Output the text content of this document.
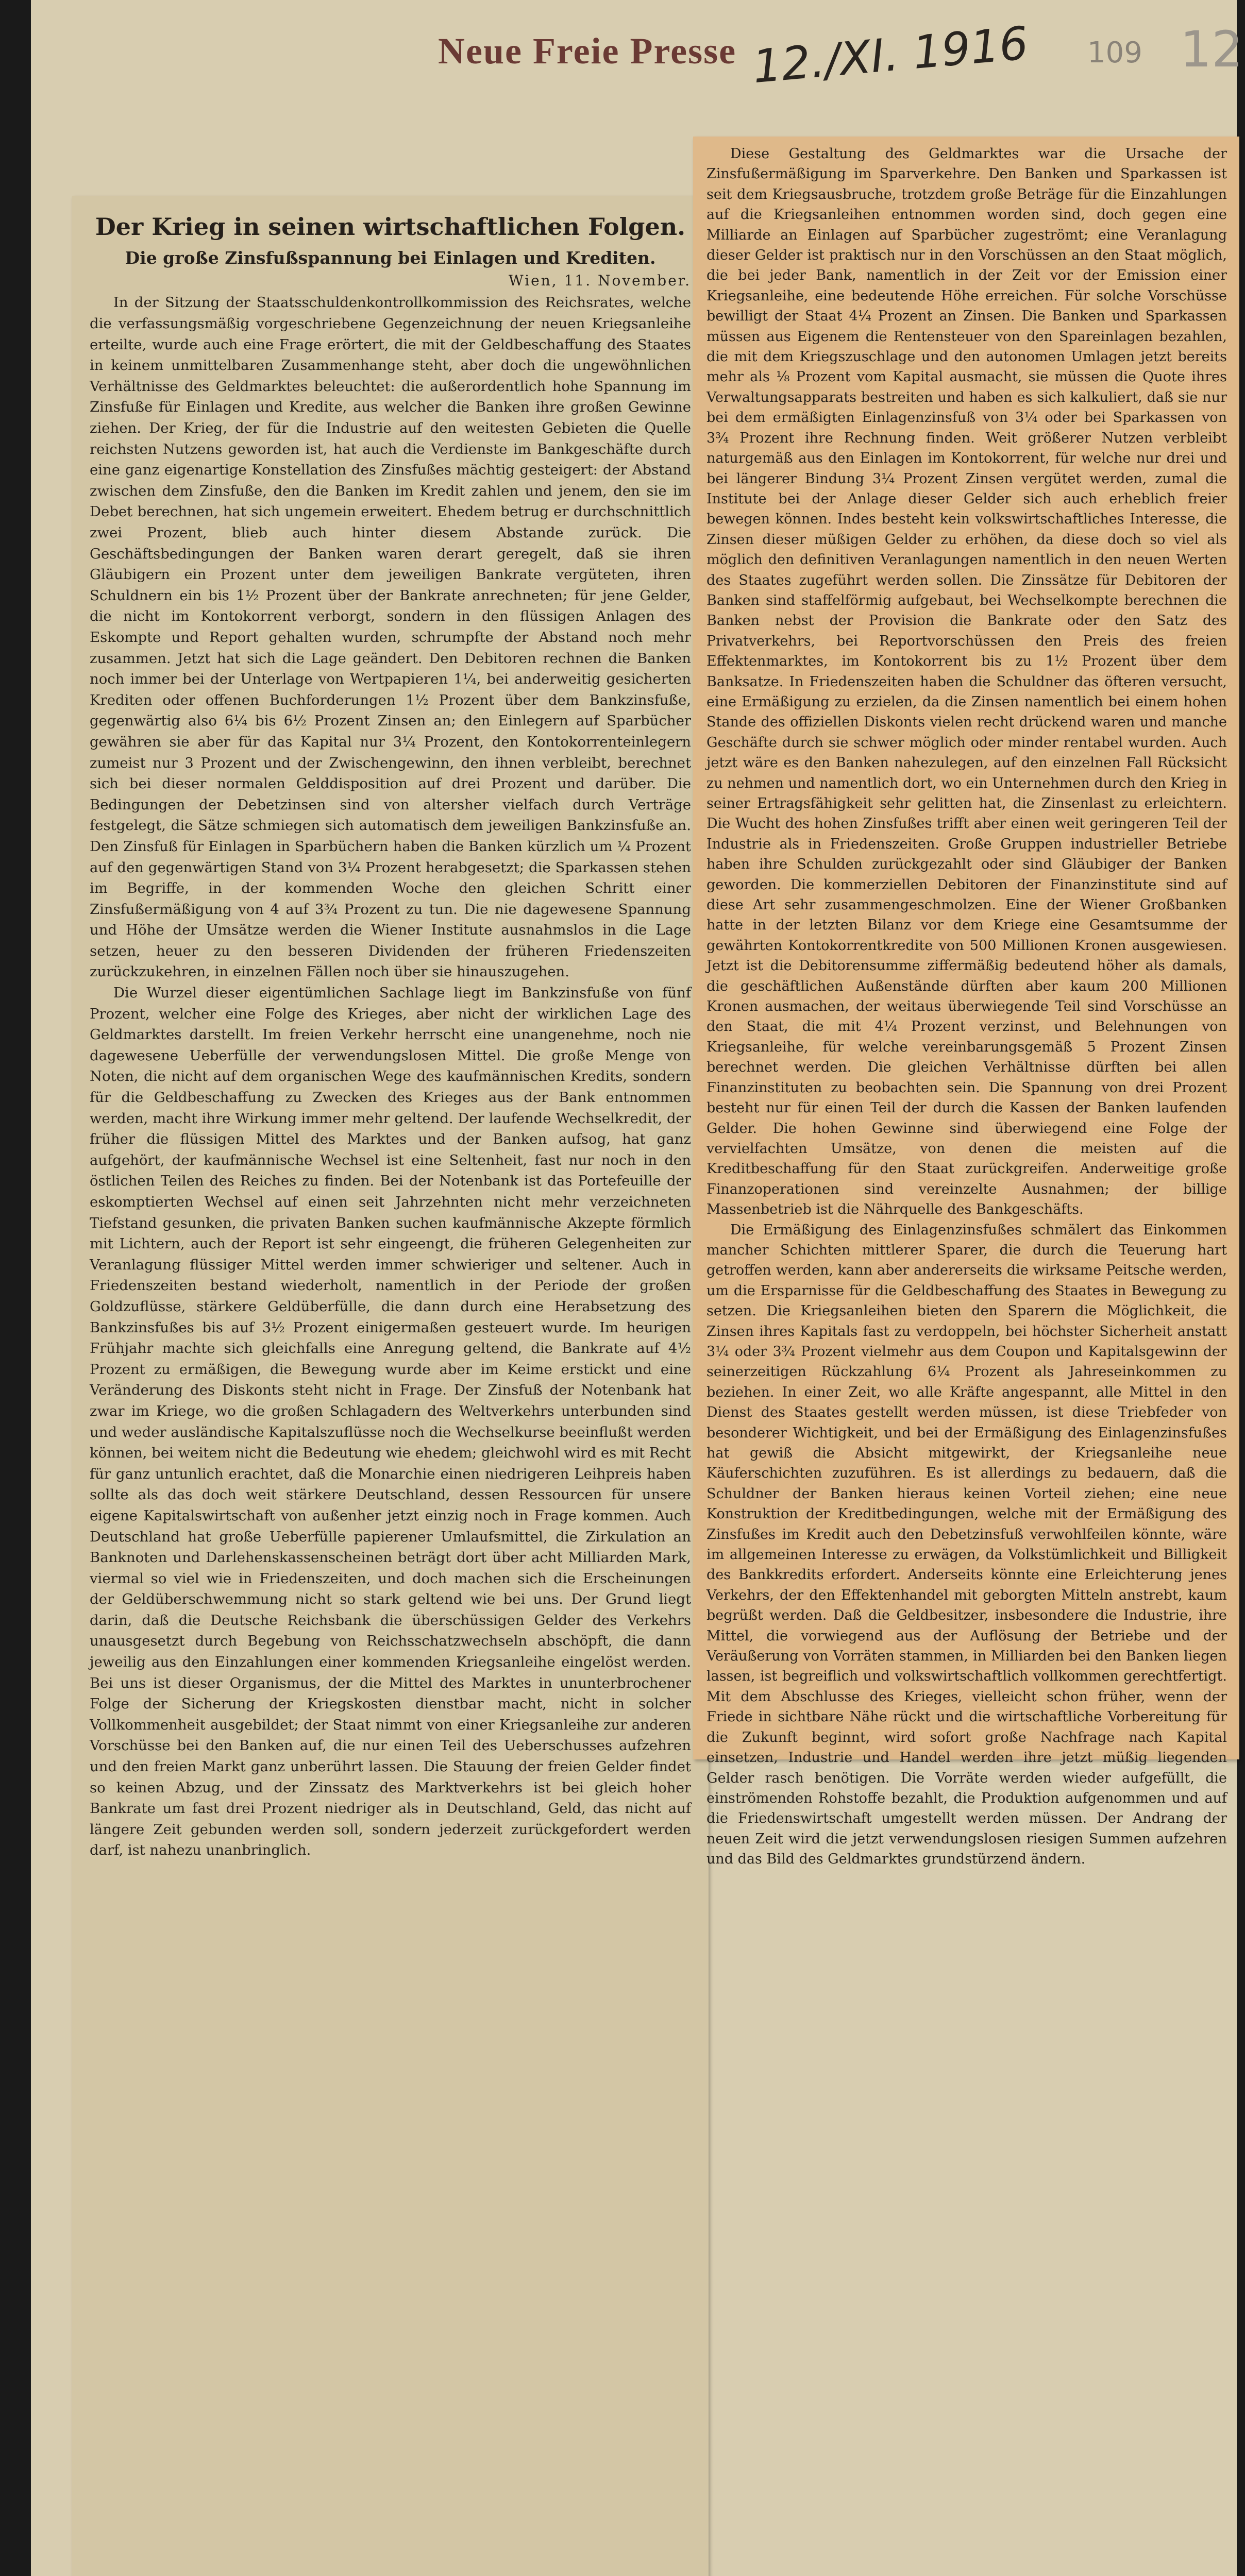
Neue Freie Presse 12./XI. 1916 109 12
Der Krieg in seinen wirtschaftlichen Folgen.
Die große Zinsfußspannung bei Einlagen und Krediten.
Wien, 11. November.

In der Sitzung der Staatsschuldenkontrollkommission des Reichsrates, welche die verfassungsmäßig vorgeschriebene Gegenzeichnung der neuen Kriegsanleihe erteilte, wurde auch eine Frage erörtert, die mit der Geldbeschaffung des Staates in keinem unmittelbaren Zusammenhange steht, aber doch die ungewöhnlichen Verhältnisse des Geldmarktes beleuchtet: die außerordentlich hohe Spannung im Zinsfuße für Einlagen und Kredite, aus welcher die Banken ihre großen Gewinne ziehen. Der Krieg, der für die Industrie auf den weitesten Gebieten die Quelle reichsten Nutzens geworden ist, hat auch die Verdienste im Bankgeschäfte durch eine ganz eigenartige Konstellation des Zinsfußes mächtig gesteigert: der Abstand zwischen dem Zinsfuße, den die Banken im Kredit zahlen und jenem, den sie im Debet berechnen, hat sich ungemein erweitert. Ehedem betrug er durchschnittlich zwei Prozent, blieb auch hinter diesem Abstande zurück. Die Geschäftsbedingungen der Banken waren derart geregelt, daß sie ihren Gläubigern ein Prozent unter dem jeweiligen Bankrate vergüteten, ihren Schuldnern ein bis 1½ Prozent über der Bankrate anrechneten; für jene Gelder, die nicht im Kontokorrent verborgt, sondern in den flüssigen Anlagen des Eskompte und Report gehalten wurden, schrumpfte der Abstand noch mehr zusammen. Jetzt hat sich die Lage geändert. Den Debitoren rechnen die Banken noch immer bei der Unterlage von Wertpapieren 1¼, bei anderweitig gesicherten Krediten oder offenen Buchforderungen 1½ Prozent über dem Bankzinsfuße, gegenwärtig also 6¼ bis 6½ Prozent Zinsen an; den Einlegern auf Sparbücher gewähren sie aber für das Kapital nur 3¼ Prozent, den Kontokorrenteinlegern zumeist nur 3 Prozent und der Zwischengewinn, den ihnen verbleibt, berechnet sich bei dieser normalen Gelddisposition auf drei Prozent und darüber. Die Bedingungen der Debetzinsen sind von altersher vielfach durch Verträge festgelegt, die Sätze schmiegen sich automatisch dem jeweiligen Bankzinsfuße an. Den Zinsfuß für Einlagen in Sparbüchern haben die Banken kürzlich um ¼ Prozent auf den gegenwärtigen Stand von 3¼ Prozent herabgesetzt; die Sparkassen stehen im Begriffe, in der kommenden Woche den gleichen Schritt einer Zinsfußermäßigung von 4 auf 3¾ Prozent zu tun. Die nie dagewesene Spannung und Höhe der Umsätze werden die Wiener Institute ausnahmslos in die Lage setzen, heuer zu den besseren Dividenden der früheren Friedenszeiten zurückzukehren, in einzelnen Fällen noch über sie hinauszugehen.

Die Wurzel dieser eigentümlichen Sachlage liegt im Bankzinsfuße von fünf Prozent, welcher eine Folge des Krieges, aber nicht der wirklichen Lage des Geldmarktes darstellt. Im freien Verkehr herrscht eine unangenehme, noch nie dagewesene Ueberfülle der verwendungslosen Mittel. Die große Menge von Noten, die nicht auf dem organischen Wege des kaufmännischen Kredits, sondern für die Geldbeschaffung zu Zwecken des Krieges aus der Bank entnommen werden, macht ihre Wirkung immer mehr geltend. Der laufende Wechselkredit, der früher die flüssigen Mittel des Marktes und der Banken aufsog, hat ganz aufgehört, der kaufmännische Wechsel ist eine Seltenheit, fast nur noch in den östlichen Teilen des Reiches zu finden. Bei der Notenbank ist das Portefeuille der eskomptierten Wechsel auf einen seit Jahrzehnten nicht mehr verzeichneten Tiefstand gesunken, die privaten Banken suchen kaufmännische Akzepte förmlich mit Lichtern, auch der Report ist sehr eingeengt, die früheren Gelegenheiten zur Veranlagung flüssiger Mittel werden immer schwieriger und seltener. Auch in Friedenszeiten bestand wiederholt, namentlich in der Periode der großen Goldzuflüsse, stärkere Geldüberfülle, die dann durch eine Herabsetzung des Bankzinsfußes bis auf 3½ Prozent einigermaßen gesteuert wurde. Im heurigen Frühjahr machte sich gleichfalls eine Anregung geltend, die Bankrate auf 4½ Prozent zu ermäßigen, die Bewegung wurde aber im Keime erstickt und eine Veränderung des Diskonts steht nicht in Frage. Der Zinsfuß der Notenbank hat zwar im Kriege, wo die großen Schlagadern des Weltverkehrs unterbunden sind und weder ausländische Kapitalszuflüsse noch die Wechselkurse beeinflußt werden können, bei weitem nicht die Bedeutung wie ehedem; gleichwohl wird es mit Recht für ganz untunlich erachtet, daß die Monarchie einen niedrigeren Leihpreis haben sollte als das doch weit stärkere Deutschland, dessen Ressourcen für unsere eigene Kapitalswirtschaft von außenher jetzt einzig noch in Frage kommen. Auch Deutschland hat große Ueberfülle papierener Umlaufsmittel, die Zirkulation an Banknoten und Darlehenskassenscheinen beträgt dort über acht Milliarden Mark, viermal so viel wie in Friedenszeiten, und doch machen sich die Erscheinungen der Geldüberschwemmung nicht so stark geltend wie bei uns. Der Grund liegt darin, daß die Deutsche Reichsbank die überschüssigen Gelder des Verkehrs unausgesetzt durch Begebung von Reichsschatzwechseln abschöpft, die dann jeweilig aus den Einzahlungen einer kommenden Kriegsanleihe eingelöst werden. Bei uns ist dieser Organismus, der die Mittel des Marktes in ununterbrochener Folge der Sicherung der Kriegskosten dienstbar macht, nicht in solcher Vollkommenheit ausgebildet; der Staat nimmt von einer Kriegsanleihe zur anderen Vorschüsse bei den Banken auf, die nur einen Teil des Ueberschusses aufzehren und den freien Markt ganz unberührt lassen. Die Stauung der freien Gelder findet so keinen Abzug, und der Zinssatz des Marktverkehrs ist bei gleich hoher Bankrate um fast drei Prozent niedriger als in Deutschland, Geld, das nicht auf längere Zeit gebunden werden soll, sondern jederzeit zurückgefordert werden darf, ist nahezu unanbringlich.

Diese Gestaltung des Geldmarktes war die Ursache der Zinsfußermäßigung im Sparverkehre. Den Banken und Sparkassen ist seit dem Kriegsausbruche, trotzdem große Beträge für die Einzahlungen auf die Kriegsanleihen entnommen worden sind, doch gegen eine Milliarde an Einlagen auf Sparbücher zugeströmt; eine Veranlagung dieser Gelder ist praktisch nur in den Vorschüssen an den Staat möglich, die bei jeder Bank, namentlich in der Zeit vor der Emission einer Kriegsanleihe, eine bedeutende Höhe erreichen. Für solche Vorschüsse bewilligt der Staat 4¼ Prozent an Zinsen. Die Banken und Sparkassen müssen aus Eigenem die Rentensteuer von den Spareinlagen bezahlen, die mit dem Kriegszuschlage und den autonomen Umlagen jetzt bereits mehr als ⅛ Prozent vom Kapital ausmacht, sie müssen die Quote ihres Verwaltungsapparats bestreiten und haben es sich kalkuliert, daß sie nur bei dem ermäßigten Einlagenzinsfuß von 3¼ oder bei Sparkassen von 3¾ Prozent ihre Rechnung finden. Weit größerer Nutzen verbleibt naturgemäß aus den Einlagen im Kontokorrent, für welche nur drei und bei längerer Bindung 3¼ Prozent Zinsen vergütet werden, zumal die Institute bei der Anlage dieser Gelder sich auch erheblich freier bewegen können. Indes besteht kein volkswirtschaftliches Interesse, die Zinsen dieser müßigen Gelder zu erhöhen, da diese doch so viel als möglich den definitiven Veranlagungen namentlich in den neuen Werten des Staates zugeführt werden sollen. Die Zinssätze für Debitoren der Banken sind staffelförmig aufgebaut, bei Wechselkompte berechnen die Banken nebst der Provision die Bankrate oder den Satz des Privatverkehrs, bei Reportvorschüssen den Preis des freien Effektenmarktes, im Kontokorrent bis zu 1½ Prozent über dem Banksatze. In Friedenszeiten haben die Schuldner das öfteren versucht, eine Ermäßigung zu erzielen, da die Zinsen namentlich bei einem hohen Stande des offiziellen Diskonts vielen recht drückend waren und manche Geschäfte durch sie schwer möglich oder minder rentabel wurden. Auch jetzt wäre es den Banken nahezulegen, auf den einzelnen Fall Rücksicht zu nehmen und namentlich dort, wo ein Unternehmen durch den Krieg in seiner Ertragsfähigkeit sehr gelitten hat, die Zinsenlast zu erleichtern. Die Wucht des hohen Zinsfußes trifft aber einen weit geringeren Teil der Industrie als in Friedenszeiten. Große Gruppen industrieller Betriebe haben ihre Schulden zurückgezahlt oder sind Gläubiger der Banken geworden. Die kommerziellen Debitoren der Finanzinstitute sind auf diese Art sehr zusammengeschmolzen. Eine der Wiener Großbanken hatte in der letzten Bilanz vor dem Kriege eine Gesamtsumme der gewährten Kontokorrentkredite von 500 Millionen Kronen ausgewiesen. Jetzt ist die Debitorensumme ziffermäßig bedeutend höher als damals, die geschäftlichen Außenstände dürften aber kaum 200 Millionen Kronen ausmachen, der weitaus überwiegende Teil sind Vorschüsse an den Staat, die mit 4¼ Prozent verzinst, und Belehnungen von Kriegsanleihe, für welche vereinbarungsgemäß 5 Prozent Zinsen berechnet werden. Die gleichen Verhältnisse dürften bei allen Finanzinstituten zu beobachten sein. Die Spannung von drei Prozent besteht nur für einen Teil der durch die Kassen der Banken laufenden Gelder. Die hohen Gewinne sind überwiegend eine Folge der vervielfachten Umsätze, von denen die meisten auf die Kreditbeschaffung für den Staat zurückgreifen. Anderweitige große Finanzoperationen sind vereinzelte Ausnahmen; der billige Massenbetrieb ist die Nährquelle des Bankgeschäfts.

Die Ermäßigung des Einlagenzinsfußes schmälert das Einkommen mancher Schichten mittlerer Sparer, die durch die Teuerung hart getroffen werden, kann aber andererseits die wirksame Peitsche werden, um die Ersparnisse für die Geldbeschaffung des Staates in Bewegung zu setzen. Die Kriegsanleihen bieten den Sparern die Möglichkeit, die Zinsen ihres Kapitals fast zu verdoppeln, bei höchster Sicherheit anstatt 3¼ oder 3¾ Prozent vielmehr aus dem Coupon und Kapitalsgewinn der seinerzeitigen Rückzahlung 6¼ Prozent als Jahreseinkommen zu beziehen. In einer Zeit, wo alle Kräfte angespannt, alle Mittel in den Dienst des Staates gestellt werden müssen, ist diese Triebfeder von besonderer Wichtigkeit, und bei der Ermäßigung des Einlagenzinsfußes hat gewiß die Absicht mitgewirkt, der Kriegsanleihe neue Käuferschichten zuzuführen. Es ist allerdings zu bedauern, daß die Schuldner der Banken hieraus keinen Vorteil ziehen; eine neue Konstruktion der Kreditbedingungen, welche mit der Ermäßigung des Zinsfußes im Kredit auch den Debetzinsfuß verwohlfeilen könnte, wäre im allgemeinen Interesse zu erwägen, da Volkstümlichkeit und Billigkeit des Bankkredits erfordert. Anderseits könnte eine Erleichterung jenes Verkehrs, der den Effektenhandel mit geborgten Mitteln anstrebt, kaum begrüßt werden. Daß die Geldbesitzer, insbesondere die Industrie, ihre Mittel, die vorwiegend aus der Auflösung der Betriebe und der Veräußerung von Vorräten stammen, in Milliarden bei den Banken liegen lassen, ist begreiflich und volkswirtschaftlich vollkommen gerechtfertigt. Mit dem Abschlusse des Krieges, vielleicht schon früher, wenn der Friede in sichtbare Nähe rückt und die wirtschaftliche Vorbereitung für die Zukunft beginnt, wird sofort große Nachfrage nach Kapital einsetzen, Industrie und Handel werden ihre jetzt müßig liegenden Gelder rasch benötigen. Die Vorräte werden wieder aufgefüllt, die einströmenden Rohstoffe bezahlt, die Produktion aufgenommen und auf die Friedenswirtschaft umgestellt werden müssen. Der Andrang der neuen Zeit wird die jetzt verwendungslosen riesigen Summen aufzehren und das Bild des Geldmarktes grundstürzend ändern.
